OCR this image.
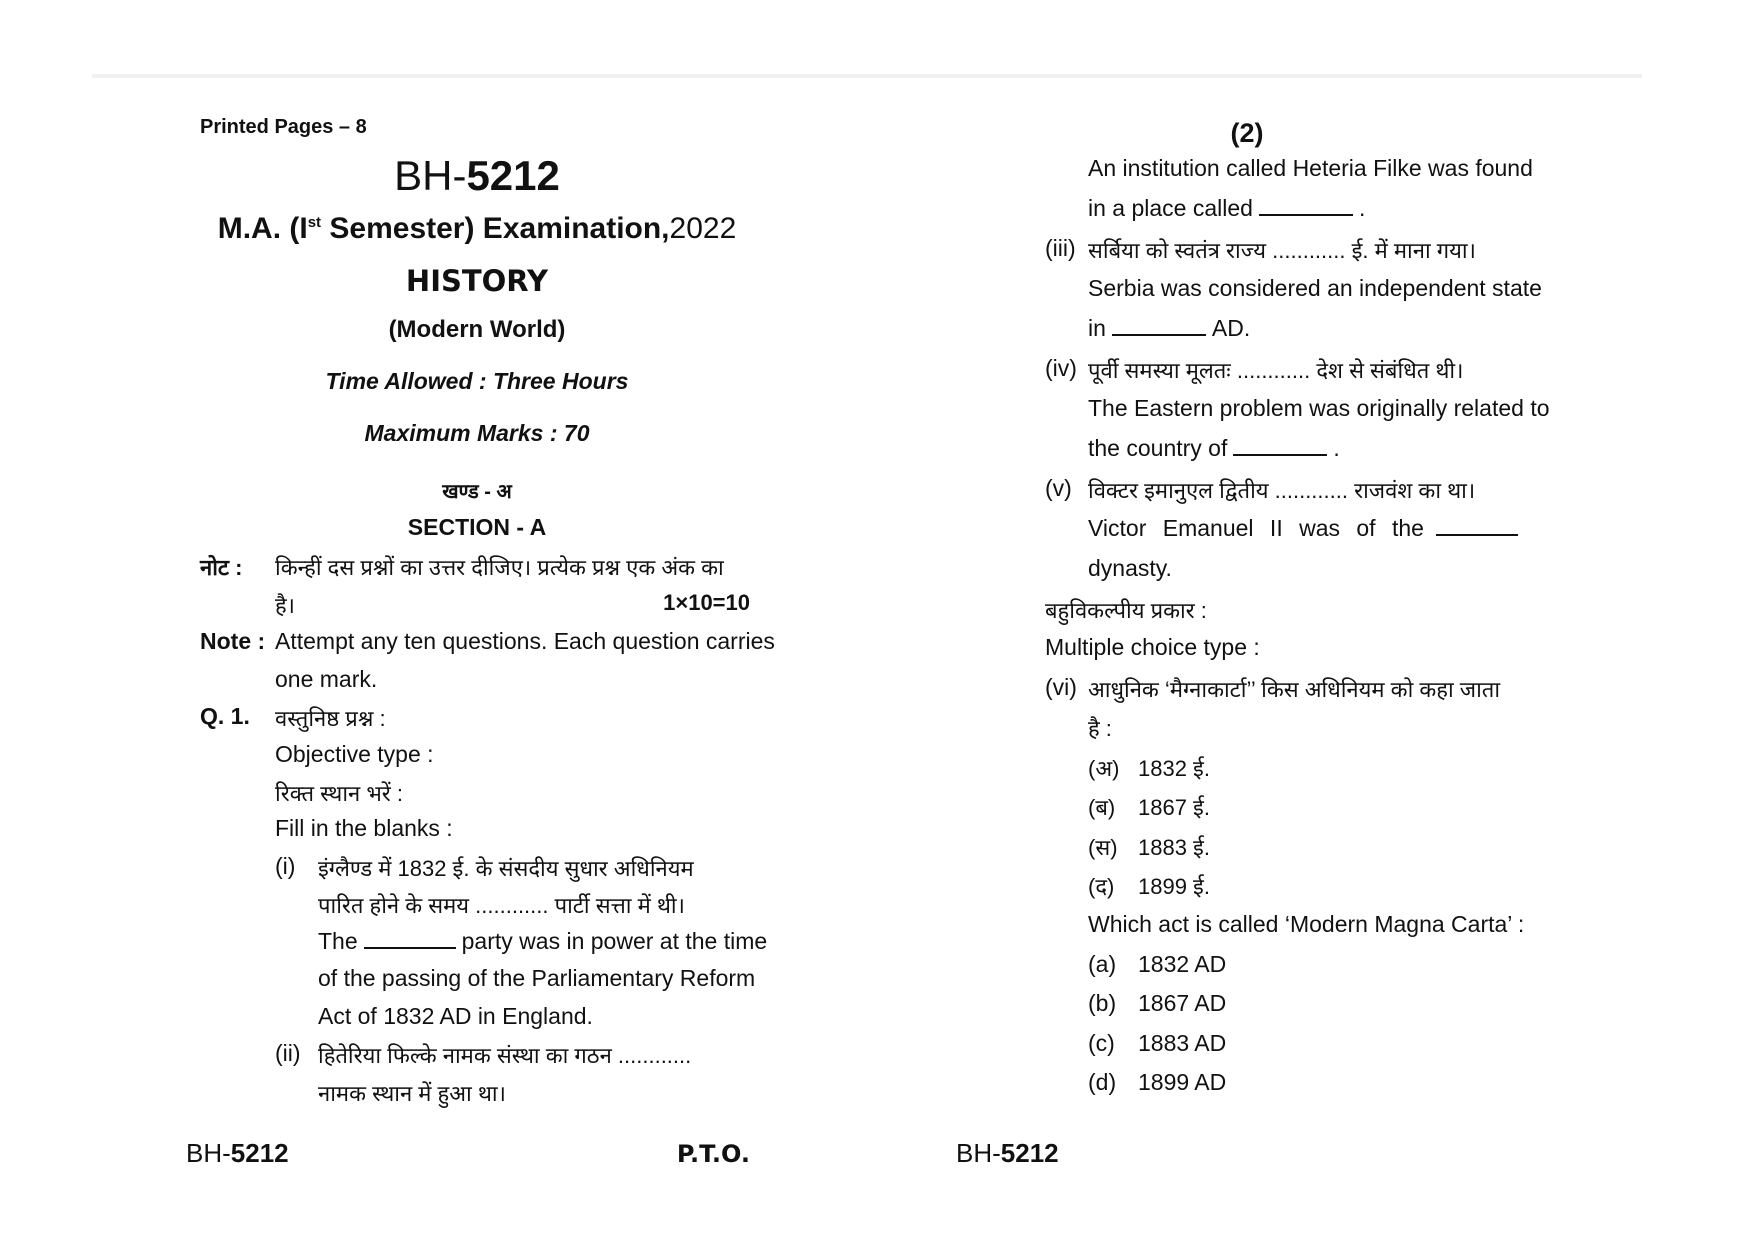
Printed Pages – 8
BH-5212
M.A. (Ist Semester) Examination,2022
HISTORY
(Modern World)
Time Allowed : Three Hours
Maximum Marks : 70
खण्ड - अ
SECTION - A
नोट : किन्हीं दस प्रश्नों का उत्तर दीजिए। प्रत्येक प्रश्न एक अंक का
है।	1×10=10
Note : Attempt any ten questions. Each question carries
one mark.
Q. 1. वस्तुनिष्ठ प्रश्न :
Objective type :
रिक्त स्थान भरें :
Fill in the blanks :
(i) इंग्लैण्ड में 1832 ई. के संसदीय सुधार अधिनियम
पारित होने के समय ............ पार्टी सत्ता में थी।
The	party was in power at the time
of the passing of the Parliamentary Reform
Act of 1832 AD in England.
(ii) हितेरिया फिल्के नामक संस्था का गठन ............
नामक स्थान में हुआ था।
BH-5212	P.T.O.
(2)
An institution called Heteria Filke was found
in a place called	.
(iii) सर्बिया को स्वतंत्र राज्य ............ ई. में माना गया।
Serbia was considered an independent state
in	AD.
(iv) पूर्वी समस्या मूलतः ............ देश से संबंधित थी।
The Eastern problem was originally related to
the country of	.
(v) विक्टर इमानुएल द्वितीय ............ राजवंश का था।
Victor Emanuel II was of the
dynasty.
बहुविकल्पीय प्रकार :
Multiple choice type :
(vi) आधुनिक ‘मैग्नाकार्टा’’ किस अधिनियम को कहा जाता
है :
(अ) 1832 ई.
(ब) 1867 ई.
(स) 1883 ई.
(द) 1899 ई.
Which act is called ‘Modern Magna Carta’ :
(a) 1832 AD
(b) 1867 AD
(c) 1883 AD
(d) 1899 AD
BH-5212
